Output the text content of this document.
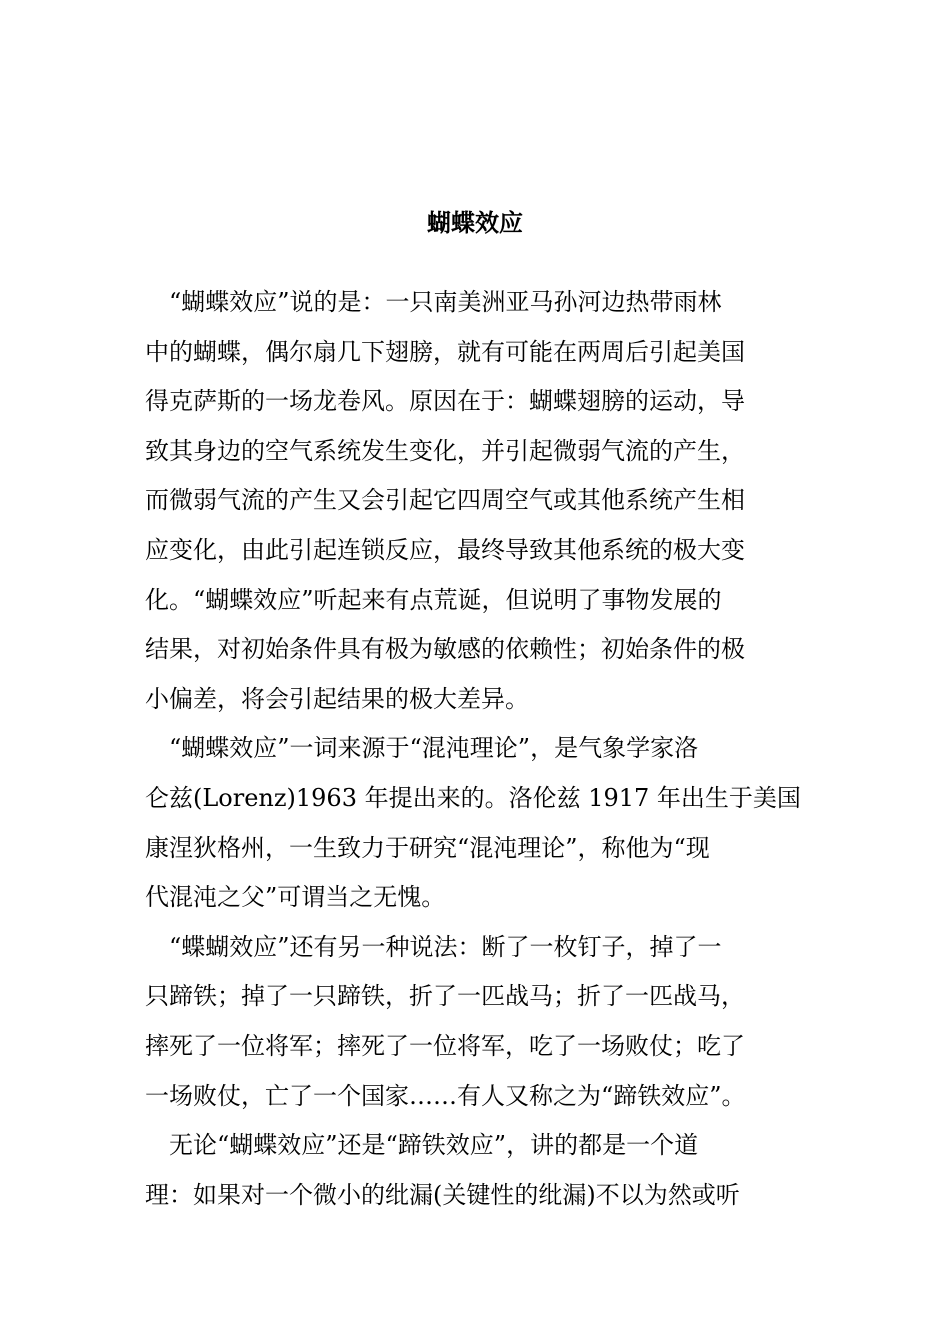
蝴蝶效应
　“蝴蝶效应”说的是：一只南美洲亚马孙河边热带雨林
中的蝴蝶，偶尔扇几下翅膀，就有可能在两周后引起美国
得克萨斯的一场龙卷风。原因在于：蝴蝶翅膀的运动，导
致其身边的空气系统发生变化，并引起微弱气流的产生，
而微弱气流的产生又会引起它四周空气或其他系统产生相
应变化，由此引起连锁反应，最终导致其他系统的极大变
化。“蝴蝶效应”听起来有点荒诞，但说明了事物发展的
结果，对初始条件具有极为敏感的依赖性；初始条件的极
小偏差，将会引起结果的极大差异。
　“蝴蝶效应”一词来源于“混沌理论”，是气象学家洛
仑兹(Lorenz)1963 年提出来的。洛伦兹 1917 年出生于美国
康涅狄格州，一生致力于研究“混沌理论”，称他为“现
代混沌之父”可谓当之无愧。
　“蝶蝴效应”还有另一种说法：断了一枚钉子，掉了一
只蹄铁；掉了一只蹄铁，折了一匹战马；折了一匹战马，
摔死了一位将军；摔死了一位将军，吃了一场败仗；吃了
一场败仗，亡了一个国家……有人又称之为“蹄铁效应”。
　无论“蝴蝶效应”还是“蹄铁效应”，讲的都是一个道
理：如果对一个微小的纰漏(关键性的纰漏)不以为然或听
